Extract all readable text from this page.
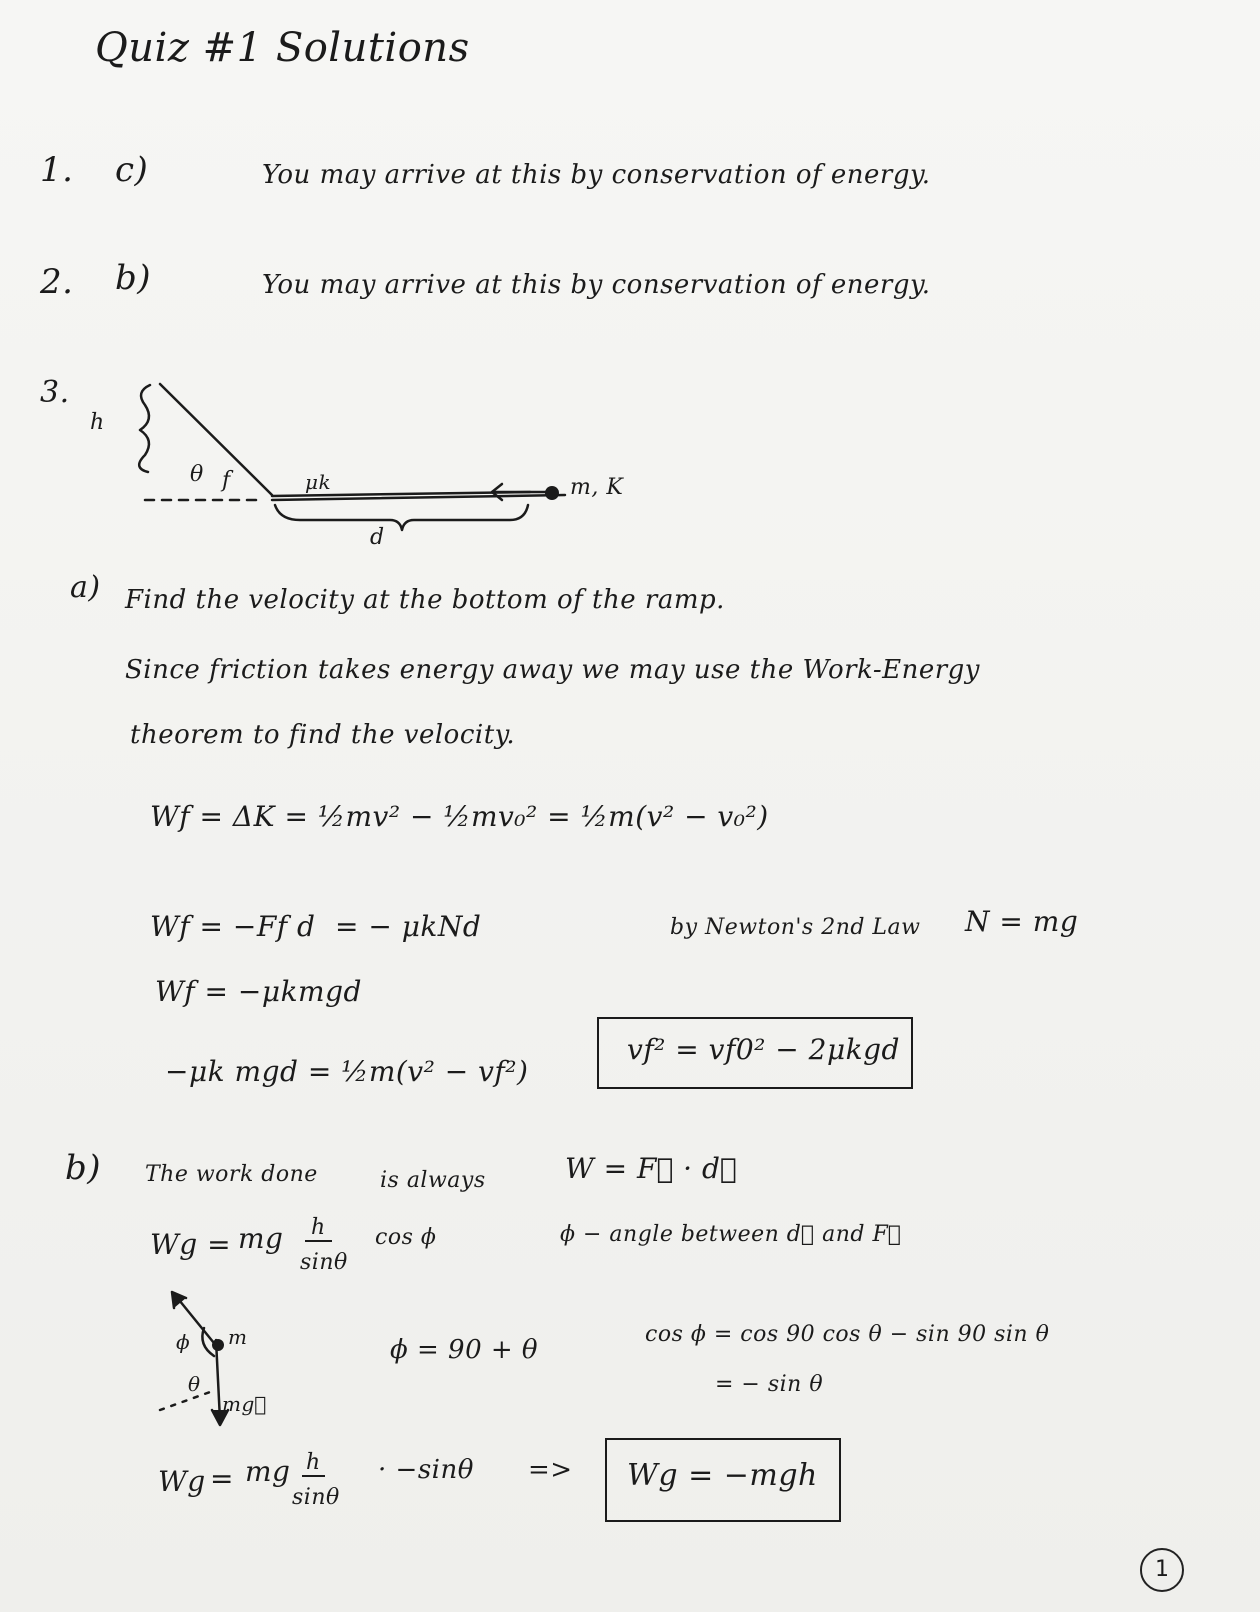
Quiz #1 Solutions
1. c)	You may arrive at this by conservation of energy.
2. b)	You may arrive at this by conservation of energy.
3.
h
θ f	μk
d
m, K
a) Find the velocity at the bottom of the ramp.
Since friction takes energy away we may use the Work-Energy
theorem to find the velocity.
Wf = ΔK = ½mv² − ½mv₀² = ½m(v² − v₀²)
Wf = −Ff d = − μkNd	by Newton's 2nd Law N = mg
Wf = −μkmgd
−μk mgd = ½m(v² − vf²)
vf² = vf0² − 2μkgd
b) The work done	is always	W = F⃗ · d⃗
Wg = mg h
sinθ
cos ϕ	ϕ − angle between d⃗ and F⃗
ϕ m
θ
mg⃗
ϕ = 90 + θ
cos ϕ = cos 90 cos θ − sin 90 sin θ
= − sin θ
Wg = mg h
sinθ
· −sinθ => Wg = −mgh
1
